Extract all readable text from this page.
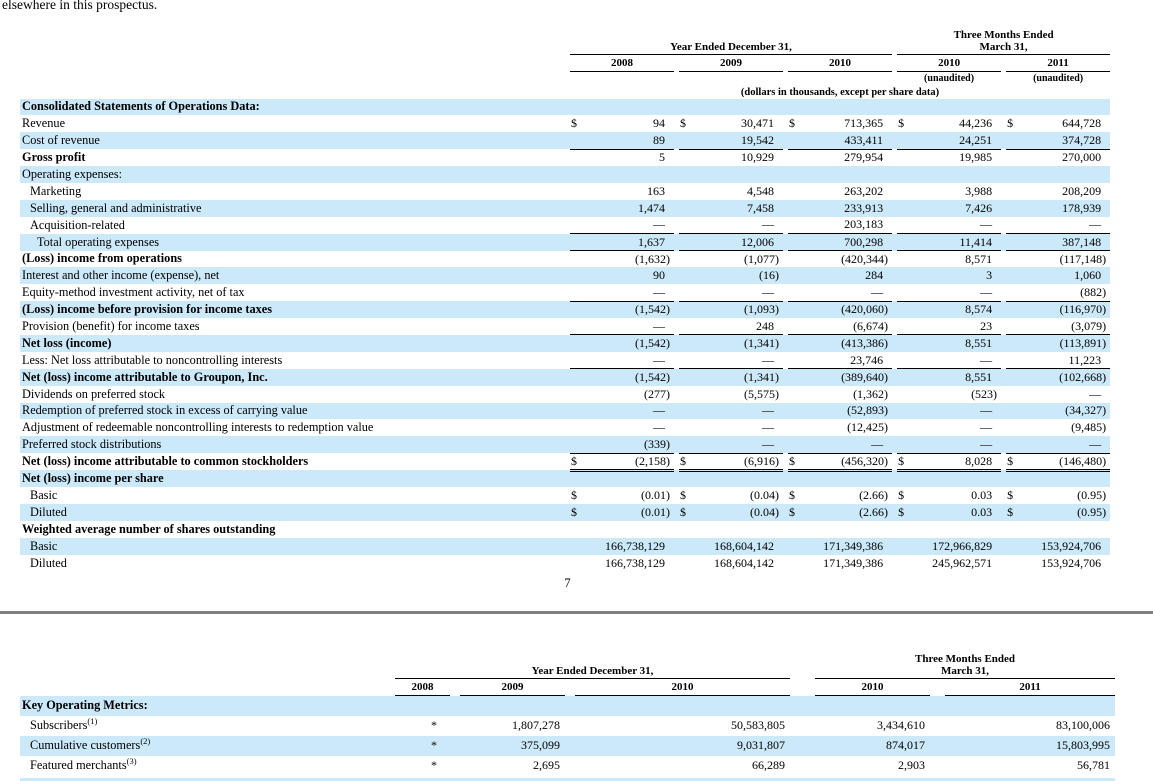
elsewhere in this prospectus.
	Year Ended December 31,									Three Months Ended
March 31,				

	2008			2009			2010			2010			2011	
										(unaudited)			(unaudited)	
	(dollars in thousands, except per share data)													
Consolidated Statements of Operations Data:														
Revenue	$	94		$	30,471		$	713,365		$	44,236		$	644,728
Cost of revenue		89			19,542			433,411			24,251			374,728
Gross profit		5			10,929			279,954			19,985			270,000
Operating expenses:														
Marketing		163			4,548			263,202			3,988			208,209
Selling, general and administrative		1,474			7,458			233,913			7,426			178,939
Acquisition-related		—			—			203,183			—			—
Total operating expenses		1,637			12,006			700,298			11,414			387,148
(Loss) income from operations		(1,632)			(1,077)			(420,344)			8,571			(117,148)
Interest and other income (expense), net		90			(16)			284			3			1,060
Equity-method investment activity, net of tax		—			—			—			—			(882)
(Loss) income before provision for income taxes		(1,542)			(1,093)			(420,060)			8,574			(116,970)
Provision (benefit) for income taxes		—			248			(6,674)			23			(3,079)
Net loss (income)		(1,542)			(1,341)			(413,386)			8,551			(113,891)
Less: Net loss attributable to noncontrolling interests		—			—			23,746			—			11,223
Net (loss) income attributable to Groupon, Inc.		(1,542)			(1,341)			(389,640)			8,551			(102,668)
Dividends on preferred stock		(277)			(5,575)			(1,362)			(523)			—
Redemption of preferred stock in excess of carrying value		—			—			(52,893)			—			(34,327)
Adjustment of redeemable noncontrolling interests to redemption value		—			—			(12,425)			—			(9,485)
Preferred stock distributions		(339)			—			—			—			—
Net (loss) income attributable to common stockholders	$	(2,158)		$	(6,916)		$	(456,320)		$	8,028		$	(146,480)
Net (loss) income per share														
Basic	$	(0.01)		$	(0.04)		$	(2.66)		$	0.03		$	(0.95)
Diluted	$	(0.01)		$	(0.04)		$	(2.66)		$	0.03		$	(0.95)
Weighted average number of shares outstanding														
Basic		166,738,129			168,604,142			171,349,386			172,966,829			153,924,706
Diluted		166,738,129			168,604,142			171,349,386			245,962,571			153,924,706
7
	Year Ended December 31,						Three Months Ended
March 31,		

	2008		2009		2010		2010		2011
Key Operating Metrics:									
Subscribers$^{(1)}$	*		1,807,278		50,583,805		3,434,610		83,100,006
Cumulative customers$^{(2)}$	*		375,099		9,031,807		874,017		15,803,995
Featured merchants$^{(3)}$	*		2,695		66,289		2,903		56,781
